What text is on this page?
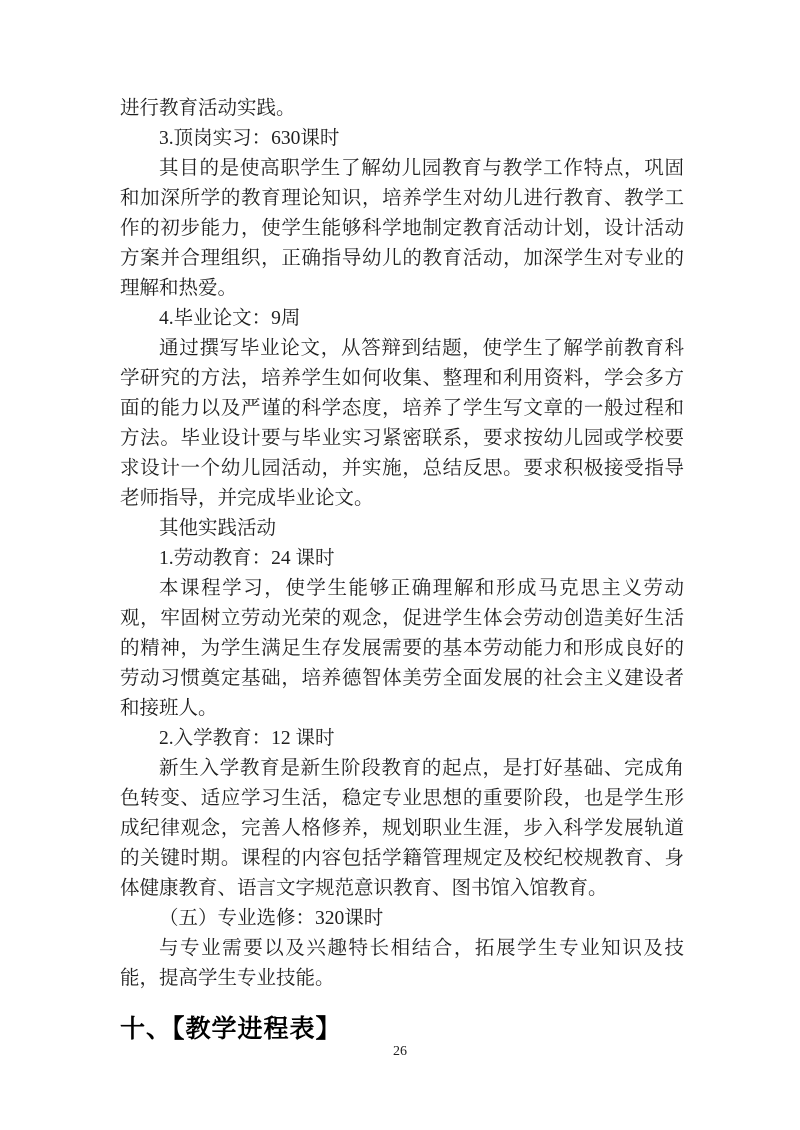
进行教育活动实践。

3.顶岗实习：630课时

其目的是使高职学生了解幼儿园教育与教学工作特点，巩固和加深所学的教育理论知识，培养学生对幼儿进行教育、教学工作的初步能力，使学生能够科学地制定教育活动计划，设计活动方案并合理组织，正确指导幼儿的教育活动，加深学生对专业的理解和热爱。

4.毕业论文：9周

通过撰写毕业论文，从答辩到结题，使学生了解学前教育科学研究的方法，培养学生如何收集、整理和利用资料，学会多方面的能力以及严谨的科学态度，培养了学生写文章的一般过程和方法。毕业设计要与毕业实习紧密联系，要求按幼儿园或学校要求设计一个幼儿园活动，并实施，总结反思。要求积极接受指导老师指导，并完成毕业论文。

其他实践活动

1.劳动教育：24 课时

本课程学习，使学生能够正确理解和形成马克思主义劳动观，牢固树立劳动光荣的观念，促进学生体会劳动创造美好生活的精神，为学生满足生存发展需要的基本劳动能力和形成良好的劳动习惯奠定基础，培养德智体美劳全面发展的社会主义建设者和接班人。

2.入学教育：12 课时

新生入学教育是新生阶段教育的起点，是打好基础、完成角色转变、适应学习生活，稳定专业思想的重要阶段，也是学生形成纪律观念，完善人格修养，规划职业生涯，步入科学发展轨道的关键时期。课程的内容包括学籍管理规定及校纪校规教育、身体健康教育、语言文字规范意识教育、图书馆入馆教育。

（五）专业选修：320课时

与专业需要以及兴趣特长相结合，拓展学生专业知识及技能，提高学生专业技能。

十、【教学进程表】
26
